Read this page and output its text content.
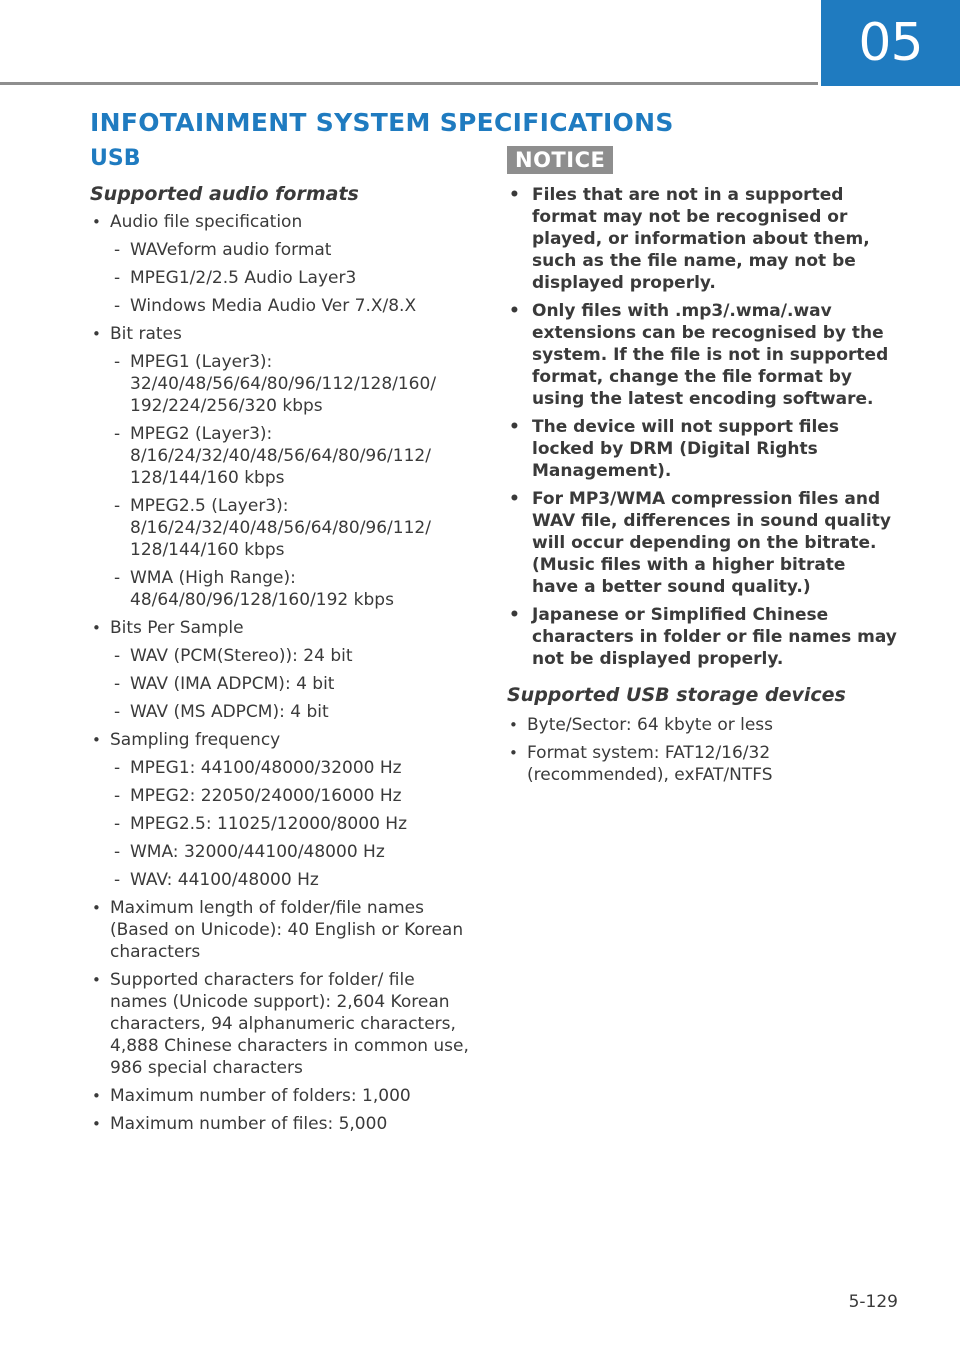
05
INFOTAINMENT SYSTEM SPECIFICATIONS
USB
Supported audio formats
• Audio file specification
- WAVeform audio format
- MPEG1/2/2.5 Audio Layer3
- Windows Media Audio Ver 7.X/8.X
• Bit rates
- MPEG1 (Layer3): 32/40/48/56/64/80/96/112/128/160/ 192/224/256/320 kbps
- MPEG2 (Layer3): 8/16/24/32/40/48/56/64/80/96/112/ 128/144/160 kbps
- MPEG2.5 (Layer3): 8/16/24/32/40/48/56/64/80/96/112/ 128/144/160 kbps
- WMA (High Range): 48/64/80/96/128/160/192 kbps
• Bits Per Sample
- WAV (PCM(Stereo)): 24 bit
- WAV (IMA ADPCM): 4 bit
- WAV (MS ADPCM): 4 bit
• Sampling frequency
- MPEG1: 44100/48000/32000 Hz
- MPEG2: 22050/24000/16000 Hz
- MPEG2.5: 11025/12000/8000 Hz
- WMA: 32000/44100/48000 Hz
- WAV: 44100/48000 Hz
• Maximum length of folder/file names (Based on Unicode): 40 English or Korean characters
• Supported characters for folder/ file names (Unicode support): 2,604 Korean characters, 94 alphanumeric characters, 4,888 Chinese characters in common use, 986 special characters
• Maximum number of folders: 1,000
• Maximum number of files: 5,000
NOTICE
• Files that are not in a supported format may not be recognised or played, or information about them, such as the file name, may not be displayed properly.
• Only files with .mp3/.wma/.wav extensions can be recognised by the system. If the file is not in supported format, change the file format by using the latest encoding software.
• The device will not support files locked by DRM (Digital Rights Management).
• For MP3/WMA compression files and WAV file, differences in sound quality will occur depending on the bitrate. (Music files with a higher bitrate have a better sound quality.)
• Japanese or Simplified Chinese characters in folder or file names may not be displayed properly.
Supported USB storage devices
• Byte/Sector: 64 kbyte or less
• Format system: FAT12/16/32 (recommended), exFAT/NTFS
5-129
